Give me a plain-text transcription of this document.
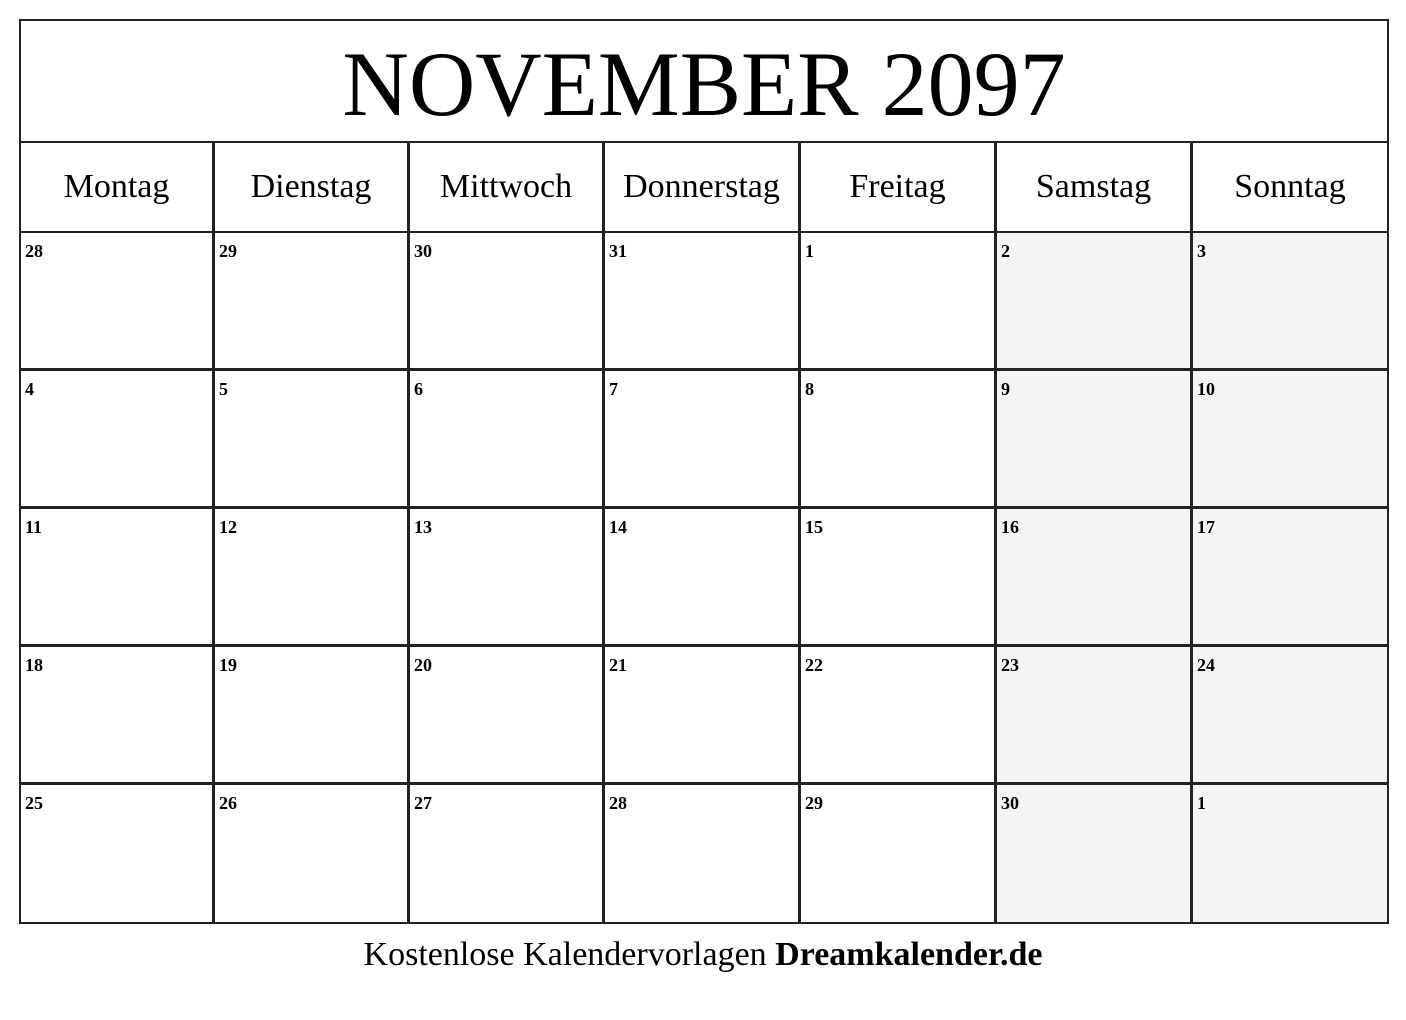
NOVEMBER 2097
Montag	Dienstag	Mittwoch	Donnerstag	Freitag	Samstag	Sonntag
28	29	30	31	1	2	3
4	5	6	7	8	9	10
11	12	13	14	15	16	17
18	19	20	21	22	23	24
25	26	27	28	29	30	1
Kostenlose Kalendervorlagen Dreamkalender.de
